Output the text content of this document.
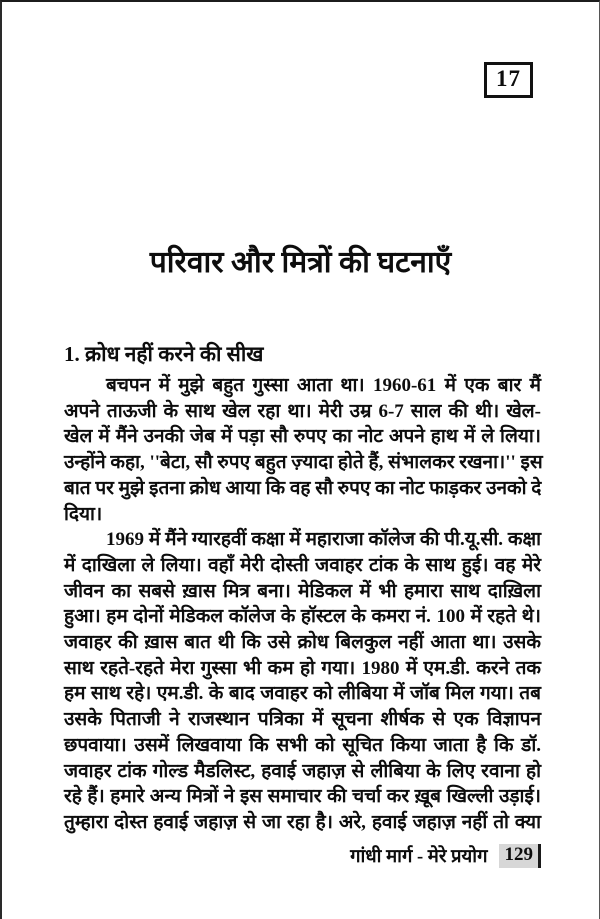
17
परिवार और मित्रों की घटनाएँ
1. क्रोध नहीं करने की सीख
बचपन में मुझे बहुत गुस्सा आता था। 1960-61 में एक बार मैं
अपने ताऊजी के साथ खेल रहा था। मेरी उम्र 6-7 साल की थी। खेल-
खेल में मैंने उनकी जेब में पड़ा सौ रुपए का नोट अपने हाथ में ले लिया।
उन्होंने कहा, ''बेटा, सौ रुपए बहुत ज़्यादा होते हैं, संभालकर रखना।'' इस
बात पर मुझे इतना क्रोध आया कि वह सौ रुपए का नोट फाड़कर उनको दे
दिया।
1969 में मैंने ग्यारहवीं कक्षा में महाराजा कॉलेज की पी.यू.सी. कक्षा
में दाखिला ले लिया। वहाँ मेरी दोस्ती जवाहर टांक के साथ हुई। वह मेरे
जीवन का सबसे ख़ास मित्र बना। मेडिकल में भी हमारा साथ दाख़िला
हुआ। हम दोनों मेडिकल कॉलेज के हॉस्टल के कमरा नं. 100 में रहते थे।
जवाहर की ख़ास बात थी कि उसे क्रोध बिलकुल नहीं आता था। उसके
साथ रहते-रहते मेरा गुस्सा भी कम हो गया। 1980 में एम.डी. करने तक
हम साथ रहे। एम.डी. के बाद जवाहर को लीबिया में जॉब मिल गया। तब
उसके पिताजी ने राजस्थान पत्रिका में सूचना शीर्षक से एक विज्ञापन
छपवाया। उसमें लिखवाया कि सभी को सूचित किया जाता है कि डॉ.
जवाहर टांक गोल्ड मैडलिस्ट, हवाई जहाज़ से लीबिया के लिए रवाना हो
रहे हैं। हमारे अन्य मित्रों ने इस समाचार की चर्चा कर ख़ूब खिल्ली उड़ाई।
तुम्हारा दोस्त हवाई जहाज़ से जा रहा है। अरे, हवाई जहाज़ नहीं तो क्या
गांधी मार्ग - मेरे प्रयोग 129
